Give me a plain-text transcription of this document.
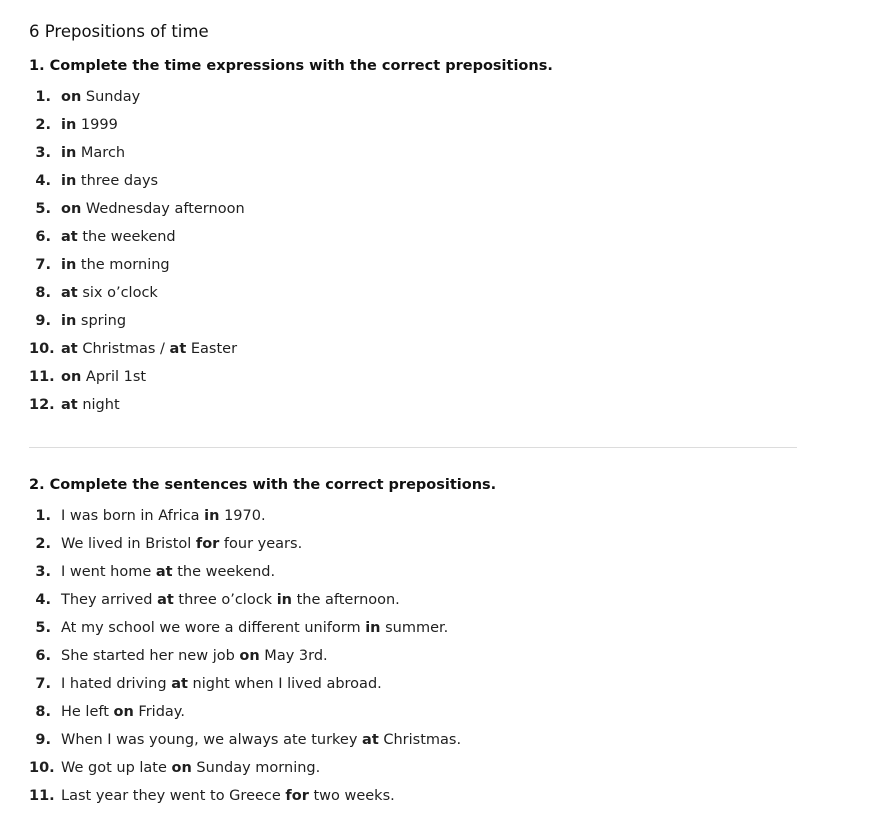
6 Prepositions of time
1. Complete the time expressions with the correct prepositions.
1. on Sunday
2. in 1999
3. in March
4. in three days
5. on Wednesday afternoon
6. at the weekend
7. in the morning
8. at six o’clock
9. in spring
10. at Christmas / at Easter
11. on April 1st
12. at night
2. Complete the sentences with the correct prepositions.
1. I was born in Africa in 1970.
2. We lived in Bristol for four years.
3. I went home at the weekend.
4. They arrived at three o’clock in the afternoon.
5. At my school we wore a different uniform in summer.
6. She started her new job on May 3rd.
7. I hated driving at night when I lived abroad.
8. He left on Friday.
9. When I was young, we always ate turkey at Christmas.
10. We got up late on Sunday morning.
11. Last year they went to Greece for two weeks.
